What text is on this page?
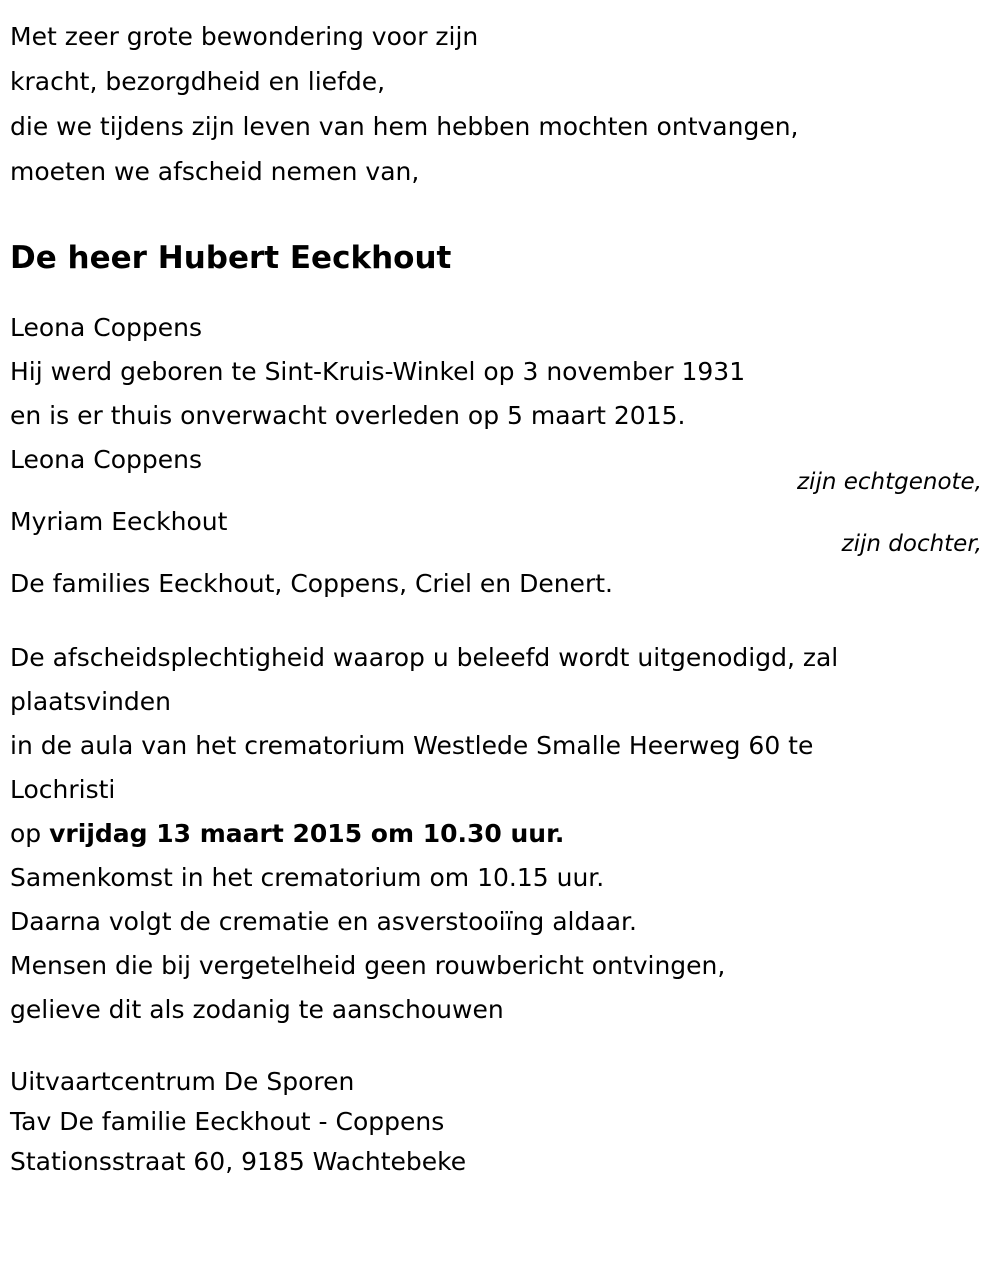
Met zeer grote bewondering voor zijn
kracht, bezorgdheid en liefde,
die we tijdens zijn leven van hem hebben mochten ontvangen,
moeten we afscheid nemen van,
De heer Hubert Eeckhout
Leona Coppens
Hij werd geboren te Sint-Kruis-Winkel op 3 november 1931
en is er thuis onverwacht overleden op 5 maart 2015.
Leona Coppens
zijn echtgenote,
Myriam Eeckhout
zijn dochter,
De families Eeckhout, Coppens, Criel en Denert.
De afscheidsplechtigheid waarop u beleefd wordt uitgenodigd, zal plaatsvinden
in de aula van het crematorium Westlede Smalle Heerweg 60 te Lochristi
op vrijdag 13 maart 2015 om 10.30 uur.
Samenkomst in het crematorium om 10.15 uur.
Daarna volgt de crematie en asverstooiïng aldaar.
Mensen die bij vergetelheid geen rouwbericht ontvingen,
gelieve dit als zodanig te aanschouwen
Uitvaartcentrum De Sporen
Tav De familie Eeckhout - Coppens
Stationsstraat 60, 9185 Wachtebeke
